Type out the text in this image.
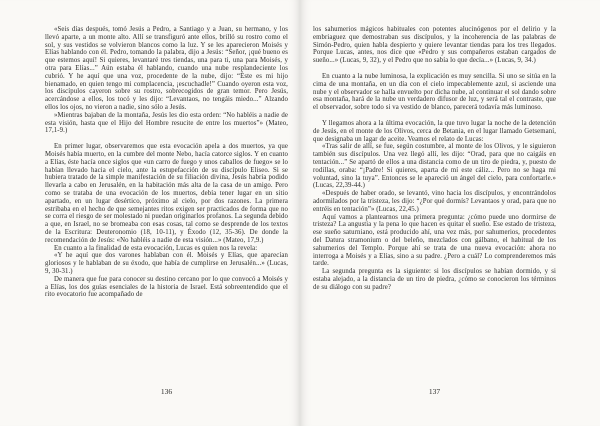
«Seis días después, tomó Jesús a Pedro, a Santiago y a Juan, su hermano, y los llevó aparte, a un monte alto. Allí se transfiguró ante ellos, brilló su rostro como el sol, y sus vestidos se volvieron blancos como la luz. Y se les aparecieron Moisés y Elías hablando con él. Pedro, tomando la palabra, dijo a Jesús: “Señor, ¡qué bueno es que estemos aquí! Si quieres, levantaré tres tiendas, una para ti, una para Moisés, y otra para Elías...” Aún estaba él hablando, cuando una nube resplandeciente los cubrió. Y he aquí que una voz, procedente de la nube, dijo: “Éste es mi hijo bienamado, en quien tengo mi complacencia, ¡escuchadle!” Cuando oyeron esta voz, los discípulos cayeron sobre su rostro, sobrecogidos de gran temor. Pero Jesús, acercándose a ellos, los tocó y les dijo: “Levantaos, no tengáis miedo...” Alzando ellos los ojos, no vieron a nadie, sino sólo a Jesús.

»Mientras bajaban de la montaña, Jesús les dio esta orden: “No habléis a nadie de esta visión, hasta que el Hijo del Hombre resucite de entre los muertos”» (Mateo, 17,1-9.)

En primer lugar, observaremos que esta evocación apela a dos muertos, ya que Moisés había muerto, en la cumbre del monte Nebo, hacía catorce siglos. Y en cuanto a Elías, éste hacía once siglos que «un carro de fuego y unos caballos de fuego» se lo habían llevado hacia el cielo, ante la estupefacción de su discípulo Eliseo. Si se hubiera tratado de la simple manifestación de su filiación divina, Jesús habría podido llevarla a cabo en Jerusalén, en la habitación más alta de la casa de un amigo. Pero como se trataba de una evocación de los muertos, debía tener lugar en un sitio apartado, en un lugar desértico, próximo al cielo, por dos razones. La primera estribaba en el hecho de que semejantes ritos exigen ser practicados de forma que no se corra el riesgo de ser molestado ni puedan originarlos profanos. La segunda debido a que, en Israel, no se bromeaba con esas cosas, tal como se desprende de los textos de la Escritura: Deuteronomio (18, 10-11), y Éxodo (12, 35-36). De donde la recomendación de Jesús: «No habléis a nadie de esta visión...» (Mateo, 17,9.)

En cuanto a la finalidad de esta evocación, Lucas es quien nos la revela:

«Y he aquí que dos varones hablaban con él. Moisés y Elías, que aparecían gloriosos y le hablaban de su éxodo, que había de cumplirse en Jerusalén...» (Lucas, 9, 30-31.)

De manera que fue para conocer su destino cercano por lo que convocó a Moisés y a Elías, los dos guías esenciales de la historia de Israel. Está sobreentendido que el rito evocatorio fue acompañado de

136

los sahumerios mágicos habituales con potentes alucinógenos por el delirio y la embriaguez que demostraban sus discípulos, y la incoherencia de las palabras de Simón-Pedro, quien habla despierto y quiere levantar tiendas para los tres llegados. Porque Lucas, antes, nos dice que «Pedro y sus compañeros estaban cargados de sueño...» (Lucas, 9, 32), y el Pedro que no sabía lo que decía...» (Lucas, 9, 34.)

En cuanto a la nube luminosa, la explicación es muy sencilla. Si uno se sitúa en la cima de una montaña, en un día con el cielo impecablemente azul, si asciende una nube y el observador se halla envuelto por dicha nube, al continuar el sol dando sobre esa montaña, hará de la nube un verdadero difusor de luz, y será tal el contraste, que el observador, sobre todo si va vestido de blanco, parecerá todavía más luminoso.

Y llegamos ahora a la última evocación, la que tuvo lugar la noche de la detención de Jesús, en el monte de los Olivos, cerca de Betania, en el lugar llamado Getsemaní, que designaba un lagar de aceite. Veamos el relato de Lucas:

«Tras salir de allí, se fue, según costumbre, al monte de los Olivos, y le siguieron también sus discípulos. Una vez llegó allí, les dijo: “Orad, para que no caigáis en tentación...” Se apartó de ellos a una distancia como de un tiro de piedra, y, puesto de rodillas, oraba: “¡Padre! Si quieres, aparta de mí este cáliz... Pero no se haga mi voluntad, sino la tuya”. Entonces se le apareció un ángel del cielo, para confortarle.» (Lucas, 22,39-44.)

«Después de haber orado, se levantó, vino hacia los discípulos, y encontrándolos adormilados por la tristeza, les dijo: “¿Por qué dormís? Levantaos y orad, para que no entréis en tentación”» (Lucas, 22,45.)

Aquí vamos a plantearnos una primera pregunta: ¿cómo puede uno dormirse de tristeza? La angustia y la pena lo que hacen es quitar el sueño. Ese estado de tristeza, ese sueño saturniano, está producido ahí, una vez más, por sahumerios, procedentes del Datura stramonium o del beleño, mezclados con gálbano, el habitual de los sahumerios del Templo. Porque ahí se trata de una nueva evocación: ahora no interroga a Moisés y a Elías, sino a su padre. ¿Pero a cuál? Lo comprenderemos más tarde.

La segunda pregunta es la siguiente: si los discípulos se habían dormido, y si estaba alejado, a la distancia de un tiro de piedra, ¿cómo se conocieron los términos de su diálogo con su padre?

137
